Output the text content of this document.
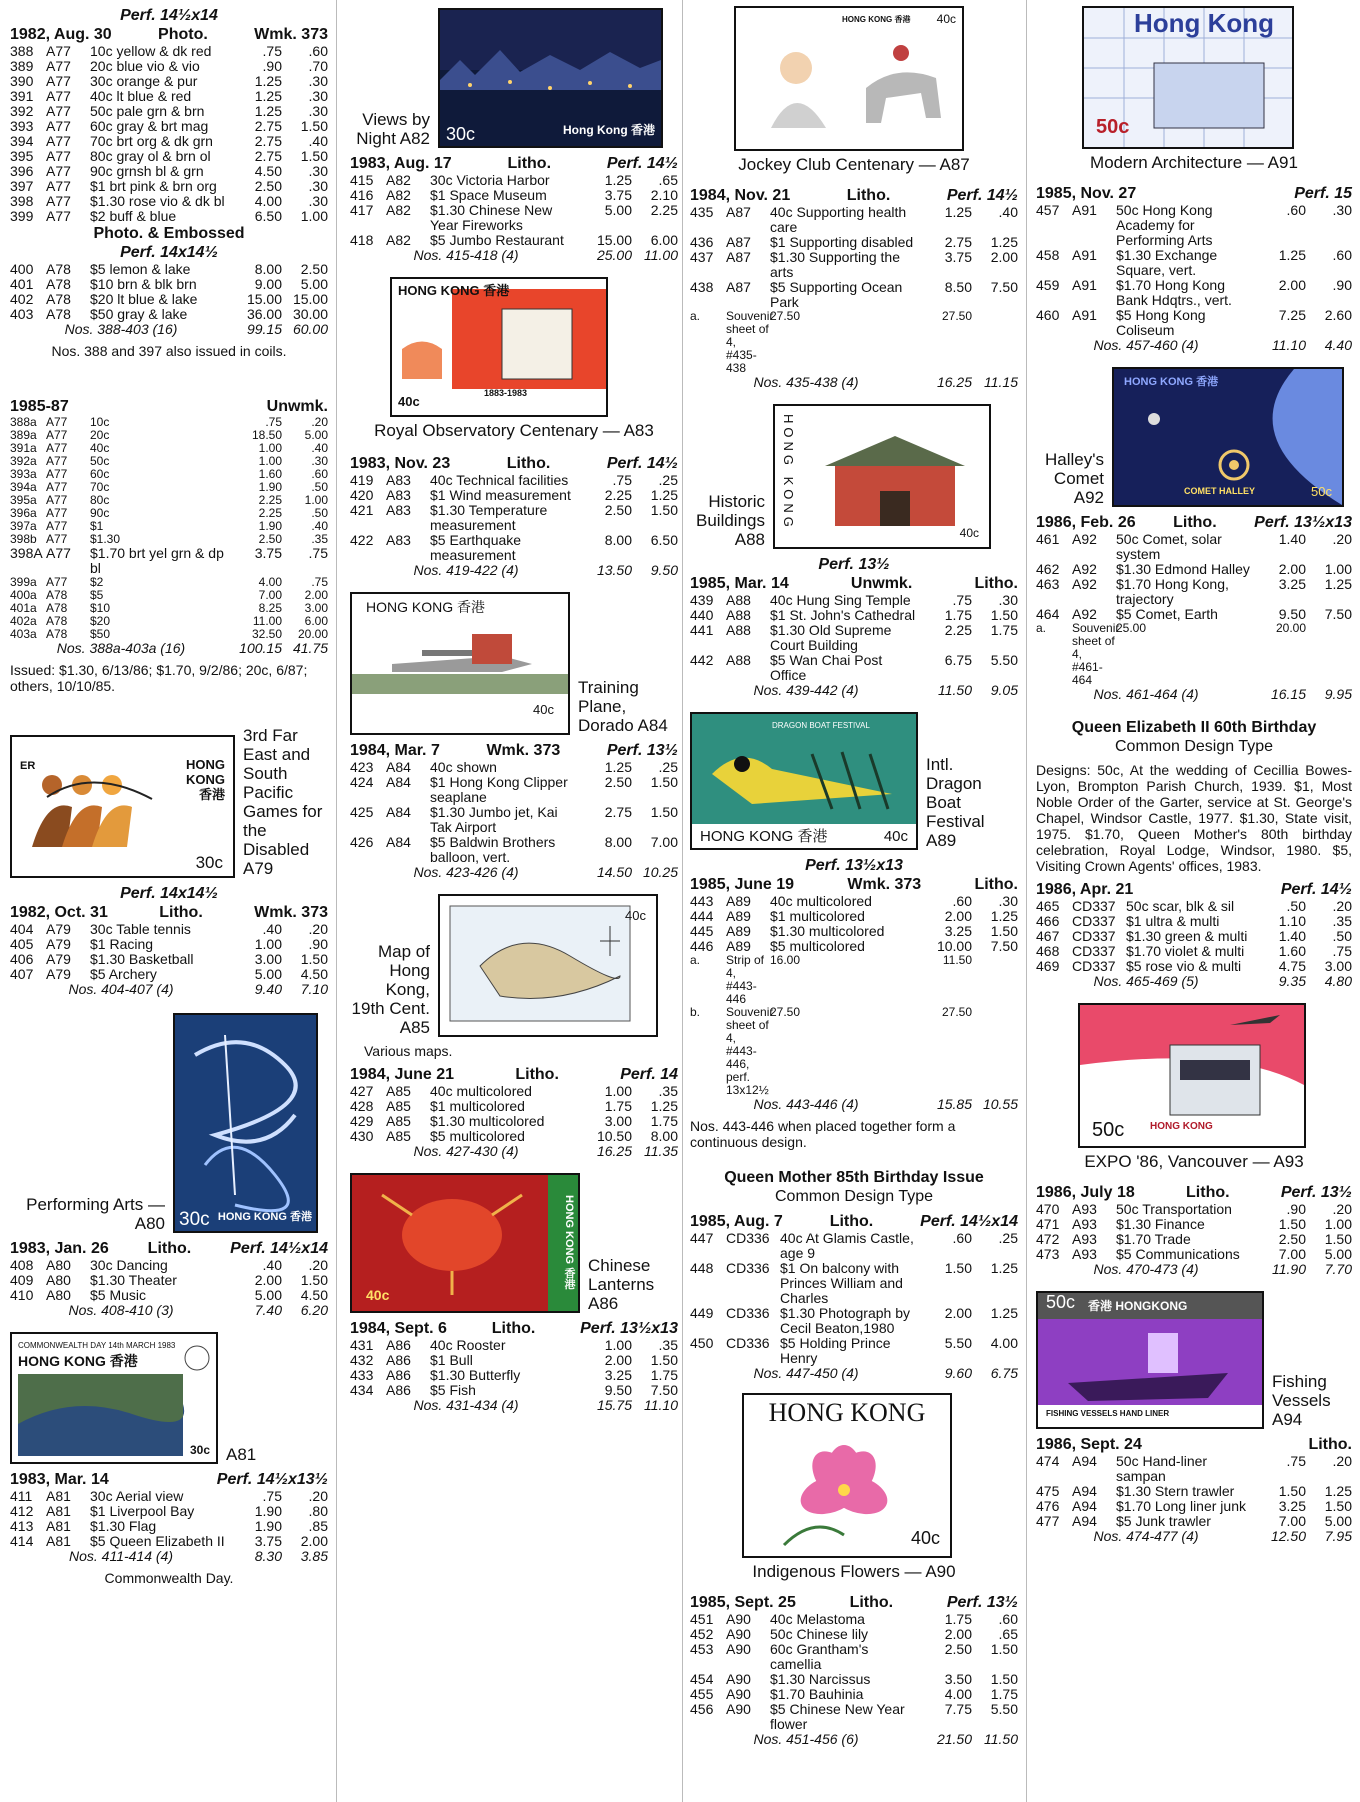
Perf. 14½x14
1982, Aug. 30	Photo.	Wmk. 373
388 A77	10c yellow & dk red	.75	.60
389 A77	20c blue vio & vio	.90	.70
390 A77	30c orange & pur	1.25	.30
391 A77	40c lt blue & red	1.25	.30
392 A77	50c pale grn & brn	1.25	.30
393 A77	60c gray & brt mag	2.75	1.50
394 A77	70c brt org & dk grn	2.75	.40
395 A77	80c gray ol & brn ol	2.75	1.50
396 A77	90c grnsh bl & grn	4.50	.30
397 A77	$1 brt pink & brn org	2.50	.30
398 A77	$1.30 rose vio & dk bl	4.00	.30
399 A77	$2 buff & blue	6.50	1.00
Photo. & Embossed
Perf. 14x14½
400 A78	$5 lemon & lake	8.00	2.50
401 A78	$10 brn & blk brn	9.00	5.00
402 A78	$20 lt blue & lake	15.00 15.00
403 A78	$50 gray & lake	36.00 30.00
Nos. 388-403 (16)	99.15 60.00
Nos. 388 and 397 also issued in coils.
1985-87	Unwmk.
388a A77	10c	.75	.20
389a A77	20c	18.50	5.00
391a A77	40c	1.00	.40
392a A77	50c	1.00	.30
393a A77	60c	1.60	.60
394a A77	70c	1.90	.50
395a A77	80c	2.25	1.00
396a A77	90c	2.25	.50
397a A77	$1	1.90	.40
398b A77	$1.30	2.50	.35
398A A77	$1.70 brt yel grn & dp bl
3.75	.75
399a A77	$2	4.00	.75
400a A78	$5	7.00	2.00
401a A78	$10	8.25	3.00
402a A78	$20	11.00	6.00
403a A78	$50	32.50	20.00
Nos. 388a-403a (16)	100.15 41.75
Issued: $1.30, 6/13/86; $1.70, 9/2/86; 20c, 6/87; others, 10/10/85.
ER	HONG
KONG
香港
30c
3rd Far East and South Pacific Games for the Disabled A79
Perf. 14x14½
1982, Oct. 31	Litho.	Wmk. 373
404 A79	30c Table tennis	.40	.20
405 A79	$1 Racing	1.00	.90
406 A79	$1.30 Basketball	3.00	1.50
407 A79	$5 Archery	5.00	4.50
Nos. 404-407 (4)	9.40	7.10
Performing Arts — A80 30c HONG KONG 香港
1983, Jan. 26 Litho. Perf. 14½x14
408 A80	30c Dancing	.40	.20
409 A80	$1.30 Theater	2.00	1.50
410 A80	$5 Music	5.00	4.50
Nos. 408-410 (3)	7.40	6.20
COMMONWEALTH DAY 14th MARCH 1983
HONG KONG 香港
30c A81
1983, Mar. 14	Perf. 14½x13½
411 A81	30c Aerial view	.75	.20
412 A81	$1 Liverpool Bay	1.90	.80
413 A81	$1.30 Flag	1.90	.85
414 A81	$5 Queen Elizabeth II	3.75	2.00
Nos. 411-414 (4)	8.30	3.85
Commonwealth Day.
Views by Night A82 30c	Hong Kong 香港
1983, Aug. 17	Litho.	Perf. 14½
415 A82	30c Victoria Harbor	1.25	.65
416 A82	$1 Space Museum	3.75	2.10
417 A82	$1.30 Chinese New Year Fireworks
5.00	2.25
418 A82	$5 Jumbo Restaurant	15.00	6.00
Nos. 415-418 (4)	25.00 11.00
HONG KONG 香港
40c
1883-1983
Royal Observatory Centenary — A83
1983, Nov. 23	Litho.	Perf. 14½
419 A83	40c Technical facilities	.75	.25
420 A83	$1 Wind measurement	2.25	1.25
421 A83	$1.30 Temperature measurement
2.50	1.50
422 A83	$5 Earthquake measurement
8.00	6.50
Nos. 419-422 (4)	13.50	9.50
HONG KONG 香港
40c
Training Plane, Dorado A84
1984, Mar. 7	Wmk. 373	Perf. 13½
423 A84	40c shown	1.25	.25
424 A84	$1 Hong Kong Clipper seaplane
2.50	1.50
425 A84	$1.30 Jumbo jet, Kai Tak Airport
2.75	1.50
426 A84	$5 Baldwin Brothers balloon, vert.
8.00	7.00
Nos. 423-426 (4)	14.50 10.25
Map of Hong Kong, 19th Cent. A85
40c
Various maps.
1984, June 21	Litho.	Perf. 14
427 A85	40c multicolored	1.00	.35
428 A85	$1 multicolored	1.75	1.25
429 A85	$1.30 multicolored	3.00	1.75
430 A85	$5 multicolored	10.50	8.00
Nos. 427-430 (4)	16.25 11.35
40c
HONG KONG 香港 Chinese Lanterns A86
1984, Sept. 6	Litho.	Perf. 13½x13
431 A86	40c Rooster	1.00	.35
432 A86	$1 Bull	2.00	1.50
433 A86	$1.30 Butterfly	3.25	1.75
434 A86	$5 Fish	9.50	7.50
Nos. 431-434 (4)	15.75 11.10
40c
HONG KONG 香港
Jockey Club Centenary — A87
1984, Nov. 21	Litho.	Perf. 14½
435 A87	40c Supporting health care
1.25	.40
436 A87	$1 Supporting disabled	2.75	1.25
437 A87	$1.30 Supporting the arts
3.75	2.00
438 A87	$5 Supporting Ocean Park
8.50	7.50
a.	Souvenir sheet of 4, #435-438
27.50	27.50
Nos. 435-438 (4)	16.25 11.15
Historic Buildings A88
HONG KONG
40c
Perf. 13½
1985, Mar. 14	Unwmk.	Litho.
439 A88	40c Hung Sing Temple	.75	.30
440 A88	$1 St. John's Cathedral	1.75	1.50
441 A88	$1.30 Old Supreme Court Building
2.25	1.75
442 A88	$5 Wan Chai Post Office
6.75	5.50
Nos. 439-442 (4)	11.50	9.05
DRAGON BOAT FESTIVAL
HONG KONG 香港	40c
Intl. Dragon Boat Festival A89
Perf. 13½x13
1985, June 19	Wmk. 373	Litho.
443 A89	40c multicolored	.60	.30
444 A89	$1 multicolored	2.00	1.25
445 A89	$1.30 multicolored	3.25	1.50
446 A89	$5 multicolored	10.00	7.50
a.	Strip of 4, #443-446
16.00	11.50
b.	Souvenir sheet of 4, #443-446, perf. 13x12½
27.50	27.50
Nos. 443-446 (4)	15.85 10.55
Nos. 443-446 when placed together form a continuous design.
Queen Mother 85th Birthday Issue
Common Design Type
1985, Aug. 7	Litho.	Perf. 14½x14
447 CD336 40c At Glamis Castle, age 9
.60	.25
448 CD336 $1 On balcony with Princes William and Charles
1.50	1.25
449 CD336 $1.30 Photograph by Cecil Beaton,1980
2.00	1.25
450 CD336 $5 Holding Prince Henry
5.50	4.00
Nos. 447-450 (4)	9.60	6.75
HONG KONG
40c
Indigenous Flowers — A90
1985, Sept. 25	Litho.	Perf. 13½
451 A90	40c Melastoma	1.75	.60
452 A90	50c Chinese lily	2.00	.65
453 A90	60c Grantham's camellia
2.50	1.50
454 A90	$1.30 Narcissus	3.50	1.50
455 A90	$1.70 Bauhinia	4.00	1.75
456 A90	$5 Chinese New Year flower
7.75	5.50
Nos. 451-456 (6)	21.50 11.50
Hong Kong
50c
Modern Architecture — A91
1985, Nov. 27	Perf. 15
457 A91	50c Hong Kong Academy for Performing Arts
.60	.30
458 A91	$1.30 Exchange Square, vert.
1.25	.60
459 A91	$1.70 Hong Kong Bank Hdqtrs., vert.
2.00	.90
460 A91	$5 Hong Kong Coliseum
7.25	2.60
Nos. 457-460 (4)	11.10	4.40
Halley's Comet A92
HONG KONG 香港
COMET HALLEY	50c
1986, Feb. 26 Litho. Perf. 13½x13
461 A92	50c Comet, solar system
1.40	.20
462 A92	$1.30 Edmond Halley	2.00	1.00
463 A92	$1.70 Hong Kong, trajectory
3.25	1.25
464 A92	$5 Comet, Earth	9.50	7.50
a.	Souvenir sheet of 4, #461-464
25.00	20.00
Nos. 461-464 (4)	16.15	9.95
Queen Elizabeth II 60th Birthday
Common Design Type
Designs: 50c, At the wedding of Cecillia Bowes-Lyon, Brompton Parish Church, 1939. $1, Most Noble Order of the Garter, service at St. George's Chapel, Windsor Castle, 1977. $1.30, State visit, 1975. $1.70, Queen Mother's 80th birthday celebration, Royal Lodge, Windsor, 1980. $5, Visiting Crown Agents' offices, 1983.
1986, Apr. 21	Perf. 14½
465 CD337 50c scar, blk & sil	.50	.20
466 CD337 $1 ultra & multi	1.10	.35
467 CD337 $1.30 green & multi	1.40	.50
468 CD337 $1.70 violet & multi	1.60	.75
469 CD337 $5 rose vio & multi	4.75	3.00
Nos. 465-469 (5)	9.35	4.80
50c	HONG KONG
EXPO '86, Vancouver — A93
1986, July 18	Litho.	Perf. 13½
470 A93	50c Transportation	.90	.20
471 A93	$1.30 Finance	1.50	1.00
472 A93	$1.70 Trade	2.50	1.50
473 A93	$5 Communications	7.00	5.00
Nos. 470-473 (4)	11.90	7.70
50c 香港 HONGKONG
FISHING VESSELS HAND LINER
Fishing Vessels A94
1986, Sept. 24	Litho.
474 A94	50c Hand-liner sampan
.75	.20
475 A94	$1.30 Stern trawler	1.50	1.25
476 A94	$1.70 Long liner junk	3.25	1.50
477 A94	$5 Junk trawler	7.00	5.00
Nos. 474-477 (4)	12.50	7.95
